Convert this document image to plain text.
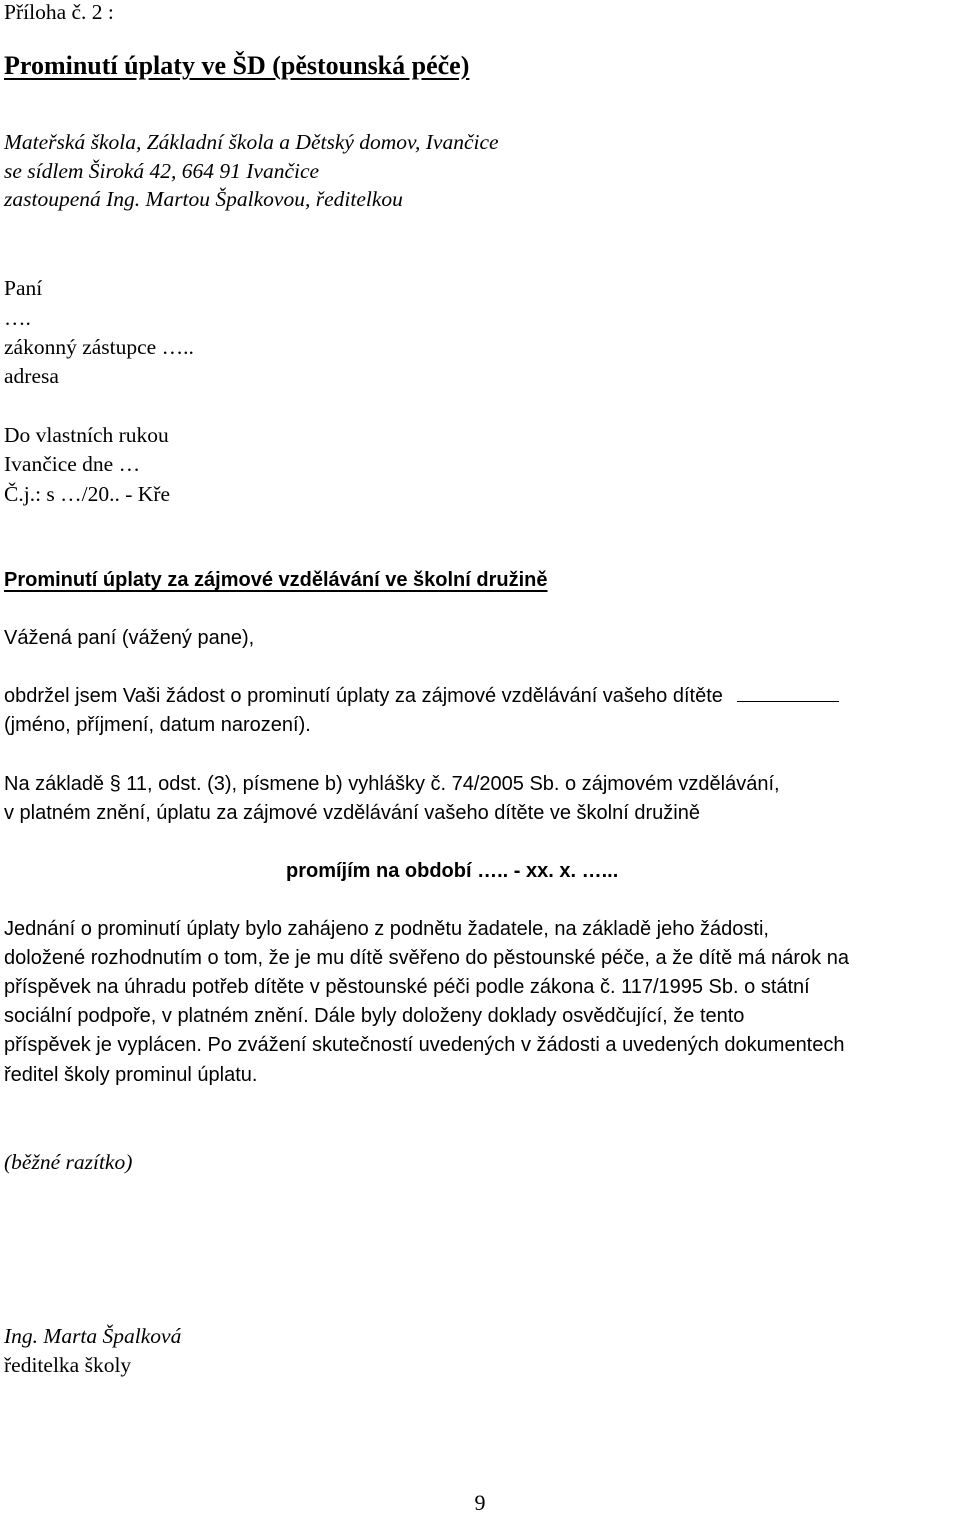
Příloha č. 2 :
Prominutí úplaty ve ŠD (pěstounská péče)
Mateřská škola, Základní škola a Dětský domov, Ivančice
se sídlem Široká 42, 664 91 Ivančice
zastoupená Ing. Martou Špalkovou, ředitelkou
Paní
….
zákonný zástupce …..
adresa
Do vlastních rukou
Ivančice dne …
Č.j.: s …/20.. - Kře
Prominutí úplaty za zájmové vzdělávání ve školní družině
Vážená paní (vážený pane),
obdržel jsem Vaši žádost o prominutí úplaty za zájmové vzdělávání vašeho dítěte
(jméno, příjmení, datum narození).
Na základě § 11, odst. (3), písmene b) vyhlášky č. 74/2005 Sb. o zájmovém vzdělávání,
v platném znění, úplatu za zájmové vzdělávání vašeho dítěte ve školní družině
promíjím na období ….. - xx. x. …...
Jednání o prominutí úplaty bylo zahájeno z podnětu žadatele, na základě jeho žádosti,
doložené rozhodnutím o tom, že je mu dítě svěřeno do pěstounské péče, a že dítě má nárok na
příspěvek na úhradu potřeb dítěte v pěstounské péči podle zákona č. 117/1995 Sb. o státní
sociální podpoře, v platném znění. Dále byly doloženy doklady osvědčující, že tento
příspěvek je vyplácen. Po zvážení skutečností uvedených v žádosti a uvedených dokumentech
ředitel školy prominul úplatu.
(běžné razítko)
Ing. Marta Špalková
ředitelka školy
9
